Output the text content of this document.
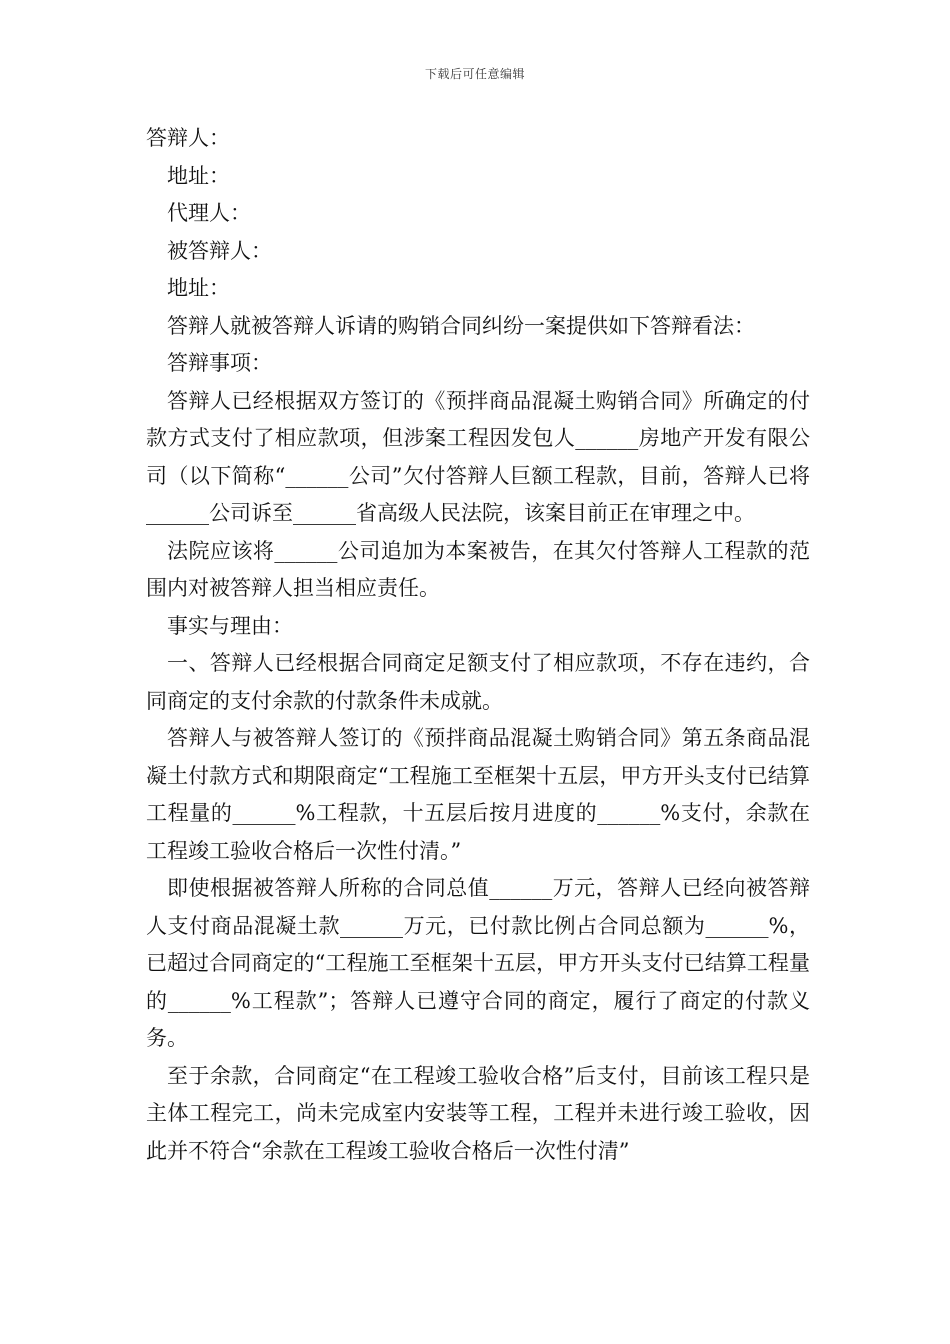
下载后可任意编辑

答辩人：

地址：

代理人：

被答辩人：

地址：

答辩人就被答辩人诉请的购销合同纠纷一案提供如下答辩看法：

答辩事项：

答辩人已经根据双方签订的《预拌商品混凝土购销合同》所确定的付款方式支付了相应款项，但涉案工程因发包人______房地产开发有限公司（以下简称“______公司”欠付答辩人巨额工程款，目前，答辩人已将______公司诉至______省高级人民法院，该案目前正在审理之中。

法院应该将______公司追加为本案被告，在其欠付答辩人工程款的范围内对被答辩人担当相应责任。

事实与理由：

一、答辩人已经根据合同商定足额支付了相应款项，不存在违约，合同商定的支付余款的付款条件未成就。

答辩人与被答辩人签订的《预拌商品混凝土购销合同》第五条商品混凝土付款方式和期限商定“工程施工至框架十五层，甲方开头支付已结算工程量的______%工程款，十五层后按月进度的______%支付，余款在工程竣工验收合格后一次性付清。”

即使根据被答辩人所称的合同总值______万元，答辩人已经向被答辩人支付商品混凝土款______万元，已付款比例占合同总额为______%，已超过合同商定的“工程施工至框架十五层，甲方开头支付已结算工程量的______%工程款”；答辩人已遵守合同的商定，履行了商定的付款义务。

至于余款，合同商定“在工程竣工验收合格”后支付，目前该工程只是主体工程完工，尚未完成室内安装等工程，工程并未进行竣工验收，因此并不符合“余款在工程竣工验收合格后一次性付清”
